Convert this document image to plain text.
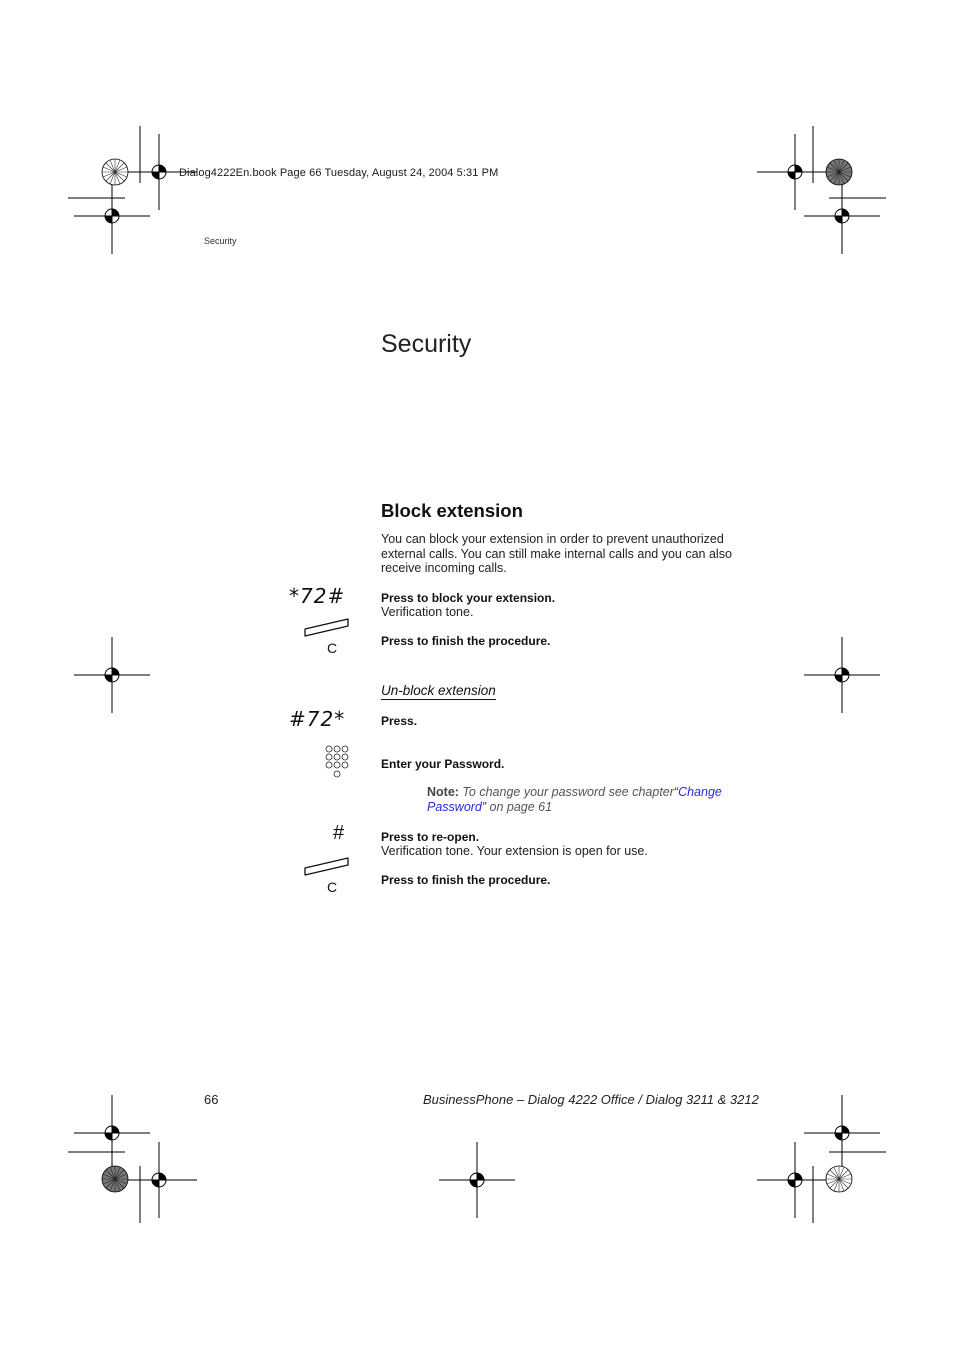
Dialog4222En.book Page 66 Tuesday, August 24, 2004 5:31 PM
Security
Security
Block extension
You can block your extension in order to prevent unauthorized external calls. You can still make internal calls and you can also receive incoming calls.
*72#	Press to block your extension.
Verification tone.
C	Press to finish the procedure.
Un-block extension
#72*	Press.
Enter your Password.
Note: To change your password see chapter“Change Password” on page 61
#	Press to re-open.
Verification tone. Your extension is open for use.
C	Press to finish the procedure.
66	BusinessPhone – Dialog 4222 Office / Dialog 3211 & 3212
